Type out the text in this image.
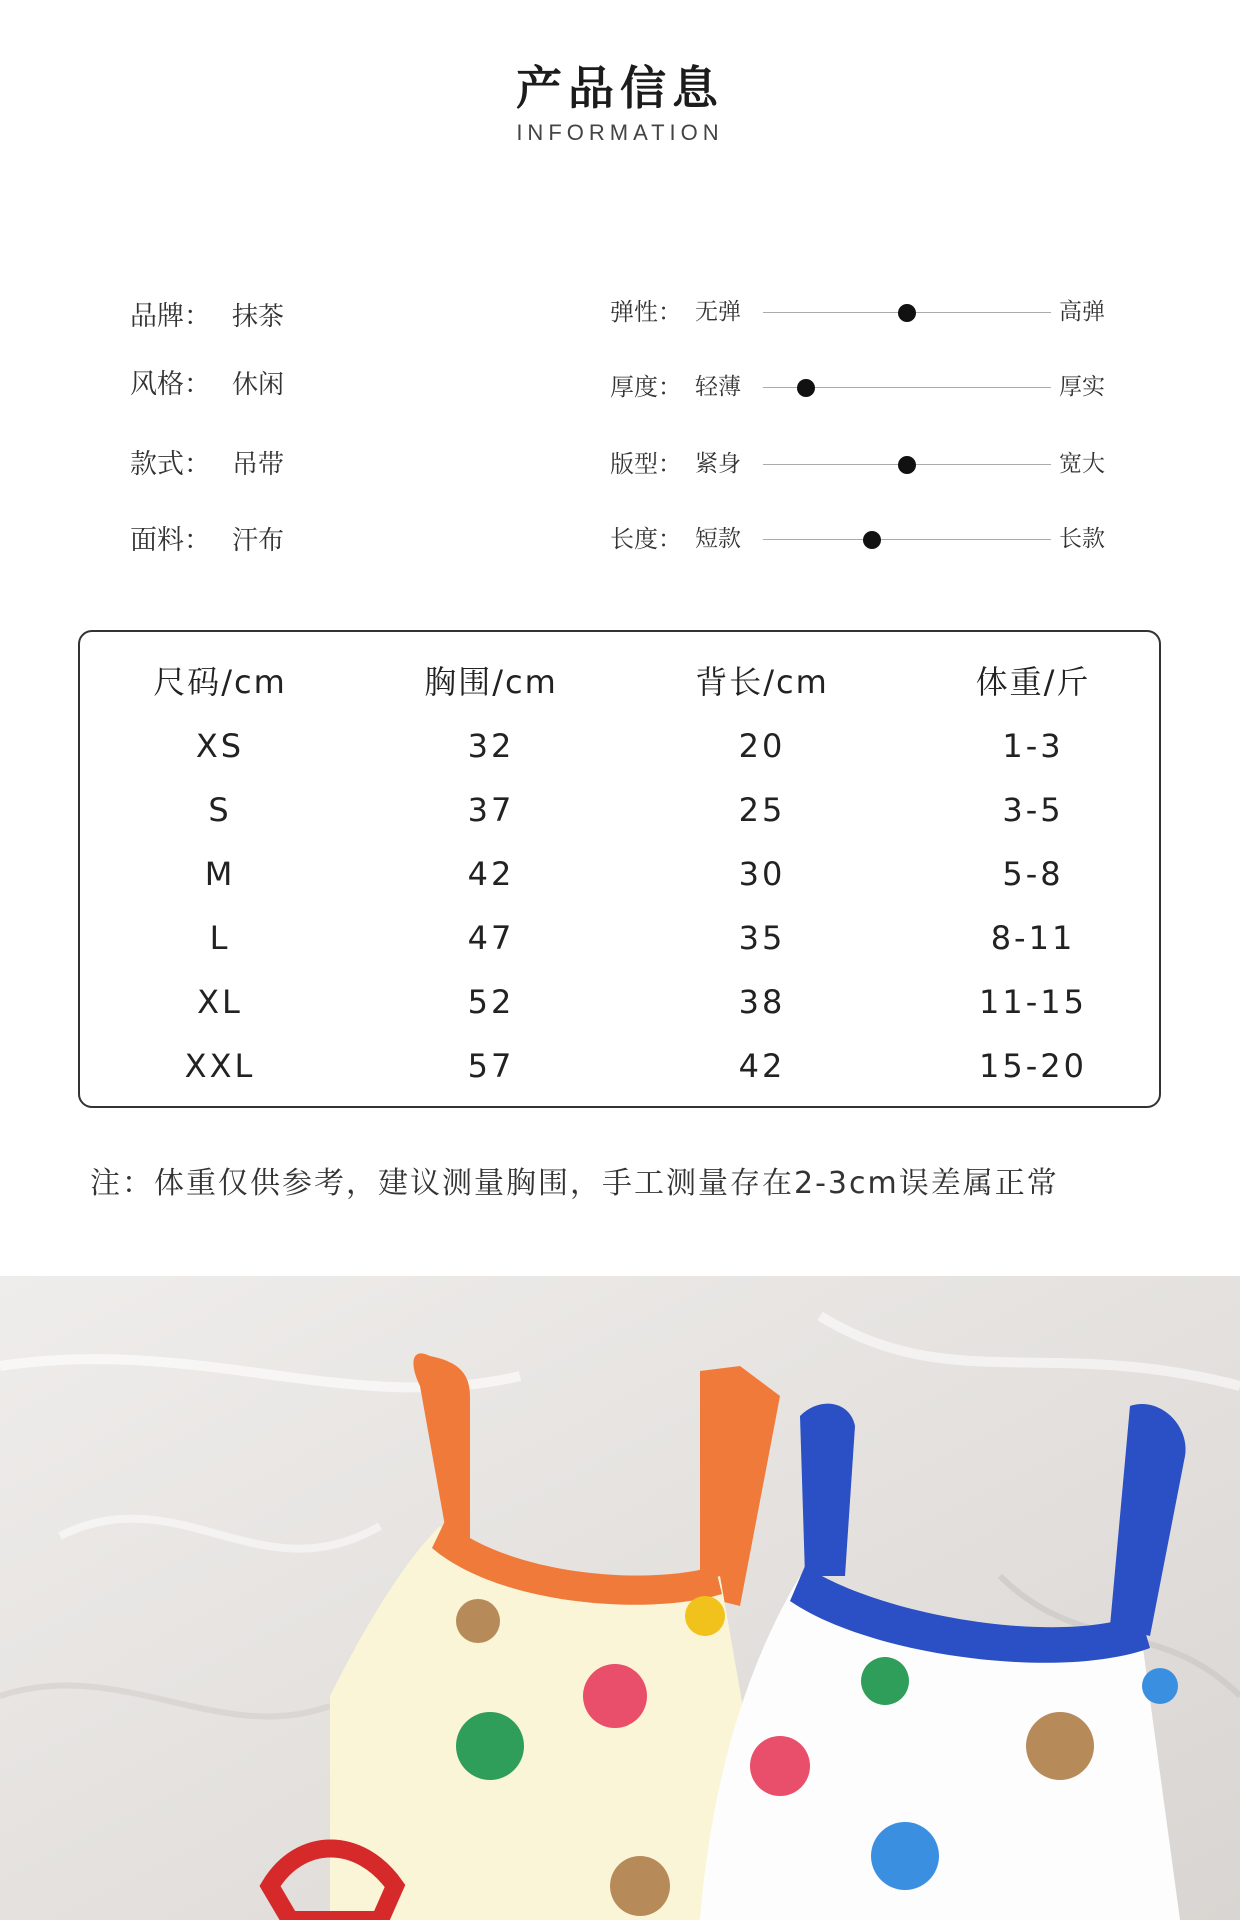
产品信息
INFORMATION
品牌： 抹茶
风格： 休闲
款式： 吊带
面料： 汗布
弹性： 无弹	高弹
厚度： 轻薄	厚实
版型： 紧身	宽大
长度： 短款	长款
尺码/cm	胸围/cm	背长/cm	体重/斤
XS	32	20	1-3
S	37	25	3-5
M	42	30	5-8
L	47	35	8-11
XL	52	38	11-15
XXL	57	42	15-20
注：体重仅供参考，建议测量胸围，手工测量存在2-3cm误差属正常
